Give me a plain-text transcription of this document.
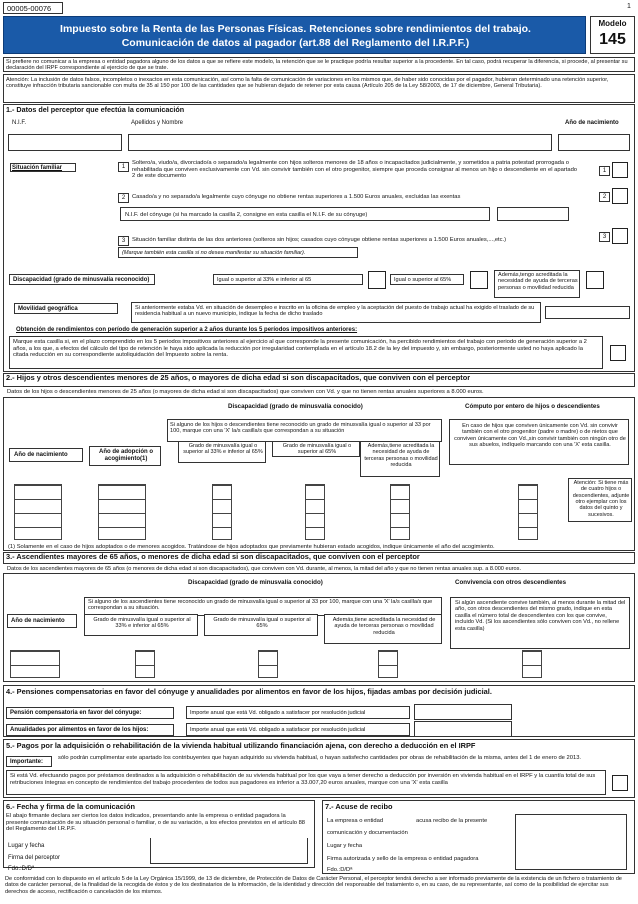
00005-00076	1
Impuesto sobre la Renta de las Personas Físicas. Retenciones sobre rendimientos del trabajo.
Comunicación de datos al pagador (art.88 del Reglamento del I.R.P.F.)
Modelo
145
Si prefiere no comunicar a la empresa o entidad pagadora alguno de los datos a que se refiere este modelo, la retención que se le practique podría resultar superior a la procedente. En tal caso, podrá recuperar la diferencia, si procede, al presentar su declaración del IRPF correspondiente al ejercicio de que se trate.
Atención: La inclusión de datos falsos, incompletos o inexactos en esta comunicación, así como la falta de comunicación de variaciones en los mismos que, de haber sido conocidas por el pagador, hubieran determinado una retención superior, constituye infracción tributaria sancionable con multa de 35 al 150 por 100 de las cantidades que se hubieran dejado de retener por esta causa (Artículo 205 de la Ley 58/2003, de 17 de diciembre, General Tributaria).
1.- Datos del perceptor que efectúa la comunicación
N.I.F.	Apellidos y Nombre	Año de nacimiento
Situación familiar	1
Soltero/a, viudo/a, divorciado/a o separado/a legalmente con hijos solteros menores de 18 años o incapacitados judicialmente, y sometidos a patria potestad prorrogada o rehabilitada que conviven exclusivamente con Vd. sin convivir también con el otro progenitor, siempre que proceda consignar al menos un hijo o descendiente en el apartado 2 de este documento
1
2	Casado/a y no separado/a legalmente cuyo cónyuge no obtiene rentas superiores a 1.500 Euros anuales, excluidas las exentas	2
N.I.F. del cónyuge (si ha marcado la casilla 2, consigne en esta casilla el N.I.F. de su cónyuge)
3	Situación familiar distinta de las dos anteriores (solteros sin hijos; casados cuyo cónyuge obtiene rentas superiores a 1.500 Euros anuales,...,etc.)	3
(Marque también esta casilla si no desea manifestar su situación familiar).
Discapacidad (grado de minusvalía reconocido)	Igual o superior al 33% e inferior al 65	Igual o superior al 65%
Además,tengo acreditada la necesidad de ayuda de terceras personas o movilidad reducida
Movilidad geográfica	Si anteriormente estaba Vd. en situación de desempleo e inscrito en la oficina de empleo y la aceptación del puesto de trabajo actual ha exigido el traslado de su residencia habitual a un nuevo municipio, indique la fecha de dicho traslado
Obtención de rendimientos con período de generación superior a 2 años durante los 5 períodos impositivos anteriores:
Marque esta casilla si, en el plazo comprendido en los 5 periodos impositivos anteriores al ejercicio al que corresponde la presente comunicación, ha percibido rendimientos del trabajo con periodo de generación superior a 2 años, a los que, a efectos del cálculo del tipo de retención le haya sido aplicada la reducción por irregularidad contemplada en el artículo 18.2 de la ley del impuesto y, sin embargo, posteriormente usted no haya aplicado la citada reducción en su correspondiente autoliquidación del Impuesto sobre la renta.
2.- Hijos y otros descendientes menores de 25 años, o mayores de dicha edad si son discapacitados, que conviven con el perceptor
Datos de los hijos o descendientes menores de 25 años (o mayores de dicha edad si son discapacitados) que conviven con Vd. y que no tienen rentas anuales superiores a 8.000 euros.
Discapacidad (grado de minusvalía conocido)	Cómputo por entero de hijos o descendientes
Si alguno de los hijos o descendientes tiene reconocido un grado de minusvalía igual o superior al 33 por 100, marque con una 'X' la/s casilla/s que correspondan a su situación
Grado de minusvalía igual o superior al 33% e inferior al 65%
Grado de minusvalía igual o superior al 65%
Además,tiene acreditada la necesidad de ayuda de terceras personas o movilidad reducida
En caso de hijos que conviven únicamente con Vd. sin convivir también con el otro progenitor (padre o madre) o de nietos que conviven únicamente con Vd.,sin convivir también con ningún otro de sus abuelos, indíquelo marcando con una 'X' esta casilla.
Año de nacimiento	Año de adopción o acogimiento(1)
Atención: Si tiene más de cuatro hijos o descendientes, adjunte otro ejemplar con los datos del quinto y sucesivos.
(1) Solamente en el caso de hijos adoptados o de menores acogidos. Tratándose de hijos adoptados que previamente hubieran estado acogidos, indique únicamente el año del acogimiento.
3.- Ascendientes mayores de 65 años, o menores de dicha edad si son discapacitados, que conviven con el perceptor
Datos de los ascendientes mayores de 65 años (o menores de dicha edad si son discapacitados), que conviven con Vd. durante, al menos, la mitad del año y que no tienen rentas anuales sup. a 8.000 euros.
Discapacidad (grado de minusvalía conocido)	Convivencia con otros descendientes
Si alguno de los ascendientes tiene reconocido un grado de minusvalía igual o superior al 33 por 100, marque con una 'X' la/s casilla/s que correspondan a su situación.
Grado de minusvalía igual o superior al 33% e inferior al 65%
Grado de minusvalía igual o superior al 65%
Además,tiene acreditada la necesidad de ayuda de terceras personas o movilidad reducida
Si algún ascendiente convive también, al menos durante la mitad del año, con otros descendientes del mismo grado, indique en esta casilla el número total de descendientes con los que convive, incluido Vd. (Si los ascendientes sólo conviven con Vd., no rellene esta casilla)
Año de nacimiento
4.- Pensiones compensatorias en favor del cónyuge y anualidades por alimentos en favor de los hijos, fijadas ambas por decisión judicial.
Pensión compensatoria en favor del cónyuge:	Importe anual que está Vd. obligado a satisfacer por resolución judicial
Anualidades por alimentos en favor de los hijos:	Importe anual que está Vd. obligado a satisfacer por resolución judicial
5.- Pagos por la adquisición o rehabilitación de la vivienda habitual utilizando financiación ajena, con derecho a deducción en el IRPF
Importante:
sólo podrán cumplimentar este apartado los contribuyentes que hayan adquirido su vivienda habitual, o hayan satisfecho cantidades por obras de rehabilitación de la misma, antes del 1 de enero de 2013.
Si está Vd. efectuando pagos por préstamos destinados a la adquisición o rehabilitación de su vivienda habitual por los que vaya a tener derecho a deducción por inversión en vivienda habitual en el IRPF y la cuantía total de sus retribuciones íntegras en concepto de rendimientos del trabajo procedentes de todos sus pagadores es inferior a 33.007,20 euros anuales, marque con una 'X' esta casilla
6.- Fecha y firma de la comunicación
El abajo firmante declara ser ciertos los datos indicados, presentando ante la empresa o entidad pagadora la presente comunicación de su situación personal o familiar, o de su variación, a los efectos previstos en el artículo 88 del Reglamento del I.R.P.F.
Lugar y fecha
Firma del perceptor
Fdo.:D/Dª
7.- Acuse de recibo
La empresa o entidad	acusa recibo de la presente
comunicación y documentación
Lugar y fecha
Firma autorizada y sello de la empresa o entidad pagadora
Fdo.:D/Dª
De conformidad con lo dispuesto en el artículo 5 de la Ley Orgánica 15/1999, de 13 de diciembre, de Protección de Datos de Carácter Personal, el perceptor tendrá derecho a ser informado previamente de la existencia de un fichero o tratamiento de datos de carácter personal, de la finalidad de la recogida de éstos y de los destinatarios de la información, de la identidad y dirección del responsable del tratamiento o, en su caso, de su representante, así como de la posibilidad de ejercitar sus derechos de acceso, rectificación o cancelación de los mismos.
